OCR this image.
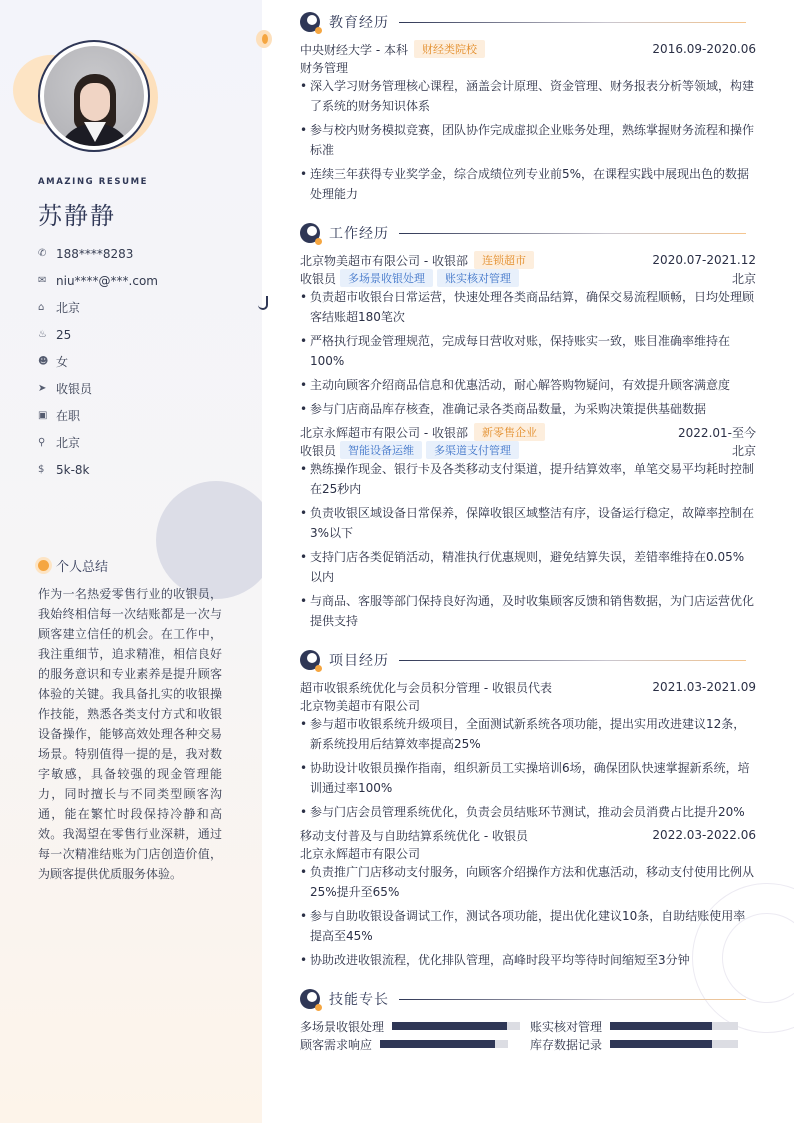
AMAZING RESUME
苏静静
✆ 188****8283
✉ niu****@***.com
⌂ 北京
♨ 25
☻ 女
➤ 收银员
▣ 在职
⚲ 北京
$ 5k-8k
个人总结
作为一名热爱零售行业的收银员，我始终相信每一次结账都是一次与顾客建立信任的机会。在工作中，我注重细节，追求精准，相信良好的服务意识和专业素养是提升顾客体验的关键。我具备扎实的收银操作技能，熟悉各类支付方式和收银设备操作，能够高效处理各种交易场景。特别值得一提的是，我对数字敏感，具备较强的现金管理能力，同时擅长与不同类型顾客沟通，能在繁忙时段保持冷静和高效。我渴望在零售行业深耕，通过每一次精准结账为门店创造价值，为顾客提供优质服务体验。
教育经历
中央财经大学 - 本科	财经类院校	2016.09-2020.06
财务管理
• 深入学习财务管理核心课程，涵盖会计原理、资金管理、财务报表分析等领域，构建了系统的财务知识体系
• 参与校内财务模拟竞赛，团队协作完成虚拟企业账务处理，熟练掌握财务流程和操作标准
• 连续三年获得专业奖学金，综合成绩位列专业前5%，在课程实践中展现出色的数据处理能力
工作经历
北京物美超市有限公司 - 收银部	连锁超市	2020.07-2021.12
收银员	多场景收银处理	账实核对管理	北京
• 负责超市收银台日常运营，快速处理各类商品结算，确保交易流程顺畅，日均处理顾客结账超180笔次
• 严格执行现金管理规范，完成每日营收对账，保持账实一致，账目准确率维持在100%
• 主动向顾客介绍商品信息和优惠活动，耐心解答购物疑问，有效提升顾客满意度
• 参与门店商品库存核查，准确记录各类商品数量，为采购决策提供基础数据
北京永辉超市有限公司 - 收银部	新零售企业	2022.01-至今
收银员	智能设备运维	多渠道支付管理	北京
• 熟练操作现金、银行卡及各类移动支付渠道，提升结算效率，单笔交易平均耗时控制在25秒内
• 负责收银区域设备日常保养，保障收银区域整洁有序，设备运行稳定，故障率控制在3%以下
• 支持门店各类促销活动，精准执行优惠规则，避免结算失误，差错率维持在0.05%以内
• 与商品、客服等部门保持良好沟通，及时收集顾客反馈和销售数据，为门店运营优化提供支持
项目经历
超市收银系统优化与会员积分管理 - 收银员代表	2021.03-2021.09
北京物美超市有限公司
• 参与超市收银系统升级项目，全面测试新系统各项功能，提出实用改进建议12条，新系统投用后结算效率提高25%
• 协助设计收银员操作指南，组织新员工实操培训6场，确保团队快速掌握新系统，培训通过率100%
• 参与门店会员管理系统优化，负责会员结账环节测试，推动会员消费占比提升20%
移动支付普及与自助结算系统优化 - 收银员	2022.03-2022.06
北京永辉超市有限公司
• 负责推广门店移动支付服务，向顾客介绍操作方法和优惠活动，移动支付使用比例从25%提升至65%
• 参与自助收银设备调试工作，测试各项功能，提出优化建议10条，自助结账使用率提高至45%
• 协助改进收银流程，优化排队管理，高峰时段平均等待时间缩短至3分钟
技能专长
多场景收银处理	账实核对管理
顾客需求响应	库存数据记录
